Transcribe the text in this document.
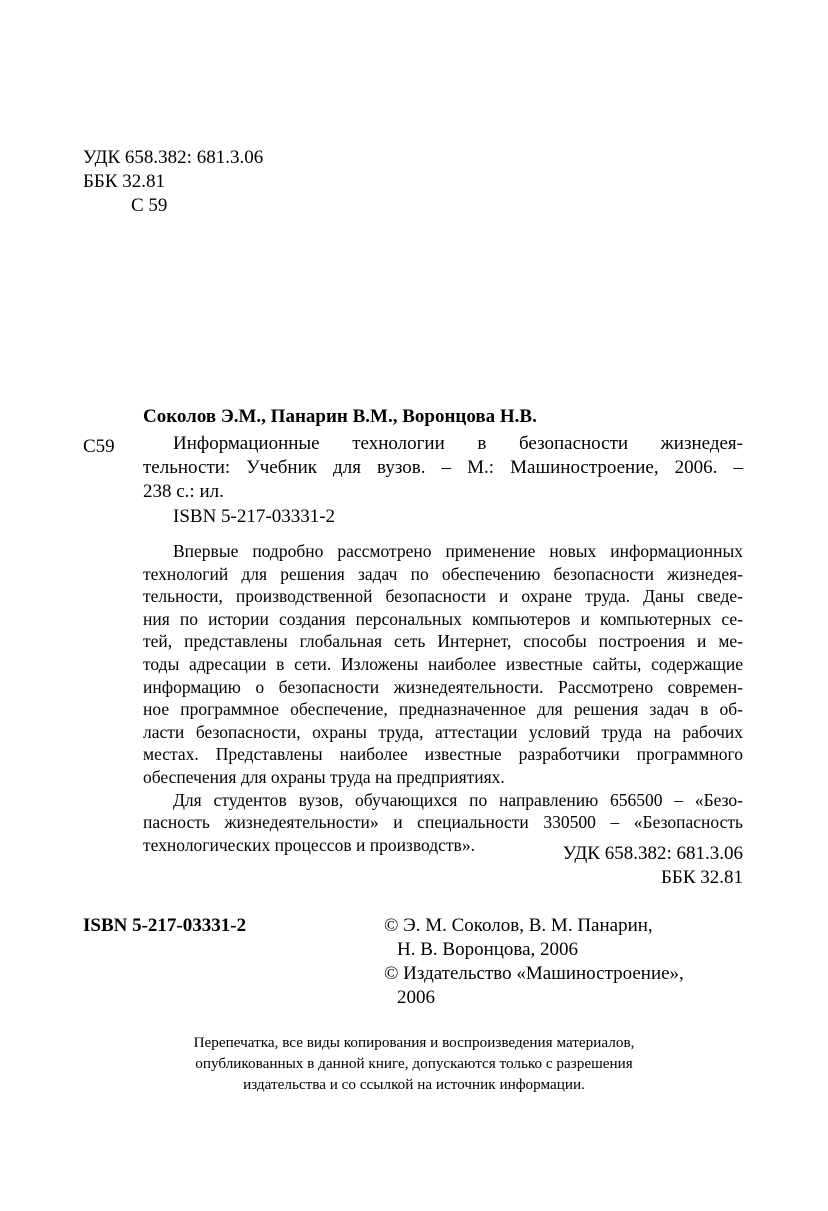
УДК 658.382: 681.3.06
ББК 32.81
С 59
Соколов Э.М., Панарин В.М., Воронцова Н.В.
С59	Информационные технологии в безопасности жизнедея-
тельности: Учебник для вузов. – М.: Машиностроение, 2006. –
238 с.: ил.
ISBN 5-217-03331-2
Впервые подробно рассмотрено применение новых информационных
технологий для решения задач по обеспечению безопасности жизнедея-
тельности, производственной безопасности и охране труда. Даны сведе-
ния по истории создания персональных компьютеров и компьютерных се-
тей, представлены глобальная сеть Интернет, способы построения и ме-
тоды адресации в сети. Изложены наиболее известные сайты, содержащие
информацию о безопасности жизнедеятельности. Рассмотрено современ-
ное программное обеспечение, предназначенное для решения задач в об-
ласти безопасности, охраны труда, аттестации условий труда на рабочих
местах. Представлены наиболее известные разработчики программного
обеспечения для охраны труда на предприятиях.
Для студентов вузов, обучающихся по направлению 656500 – «Безо-
пасность жизнедеятельности» и специальности 330500 – «Безопасность
технологических процессов и производств».	УДК 658.382: 681.3.06
ББК 32.81
ISBN 5-217-03331-2	© Э. М. Соколов, В. М. Панарин,
Н. В. Воронцова, 2006
© Издательство «Машиностроение»,
2006
Перепечатка, все виды копирования и воспроизведения материалов,
опубликованных в данной книге, допускаются только с разрешения
издательства и со ссылкой на источник информации.
